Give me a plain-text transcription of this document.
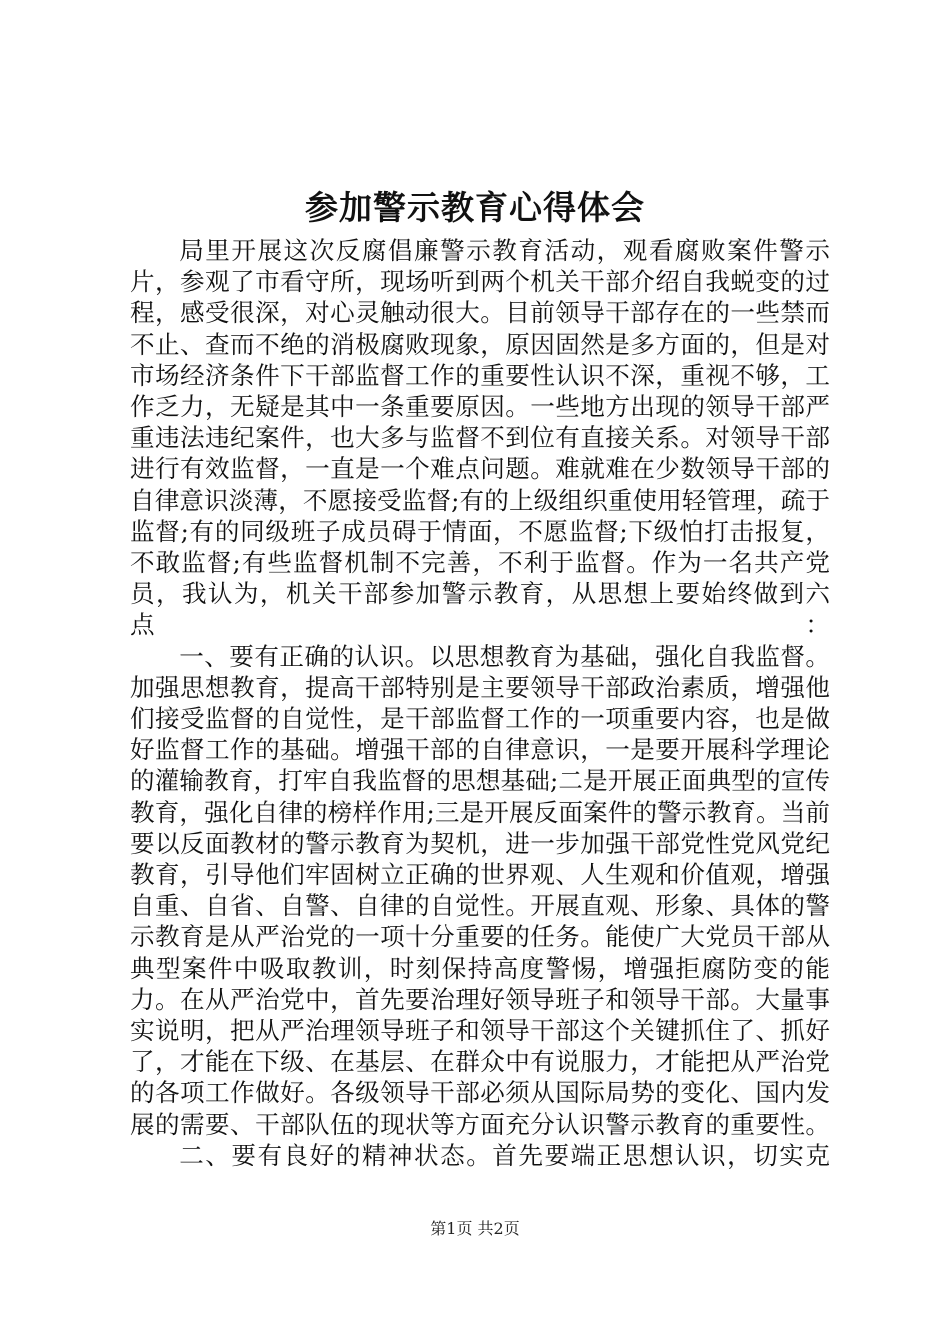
参加警示教育心得体会

局里开展这次反腐倡廉警示教育活动，观看腐败案件警示片，参观了市看守所，现场听到两个机关干部介绍自我蜕变的过程，感受很深，对心灵触动很大。目前领导干部存在的一些禁而不止、查而不绝的消极腐败现象，原因固然是多方面的，但是对市场经济条件下干部监督工作的重要性认识不深，重视不够，工作乏力，无疑是其中一条重要原因。一些地方出现的领导干部严重违法违纪案件，也大多与监督不到位有直接关系。对领导干部进行有效监督，一直是一个难点问题。难就难在少数领导干部的自律意识淡薄，不愿接受监督;有的上级组织重使用轻管理，疏于监督;有的同级班子成员碍于情面，不愿监督;下级怕打击报复，不敢监督;有些监督机制不完善，不利于监督。作为一名共产党员，我认为，机关干部参加警示教育，从思想上要始终做到六点：

一、要有正确的认识。以思想教育为基础，强化自我监督。加强思想教育，提高干部特别是主要领导干部政治素质，增强他们接受监督的自觉性，是干部监督工作的一项重要内容，也是做好监督工作的基础。增强干部的自律意识，一是要开展科学理论的灌输教育，打牢自我监督的思想基础;二是开展正面典型的宣传教育，强化自律的榜样作用;三是开展反面案件的警示教育。当前要以反面教材的警示教育为契机，进一步加强干部党性党风党纪教育，引导他们牢固树立正确的世界观、人生观和价值观，增强自重、自省、自警、自律的自觉性。开展直观、形象、具体的警示教育是从严治党的一项十分重要的任务。能使广大党员干部从典型案件中吸取教训，时刻保持高度警惕，增强拒腐防变的能力。在从严治党中，首先要治理好领导班子和领导干部。大量事实说明，把从严治理领导班子和领导干部这个关键抓住了、抓好了，才能在下级、在基层、在群众中有说服力，才能把从严治党的各项工作做好。各级领导干部必须从国际局势的变化、国内发展的需要、干部队伍的现状等方面充分认识警示教育的重要性。

二、要有良好的精神状态。首先要端正思想认识，切实克

第1页 共2页
